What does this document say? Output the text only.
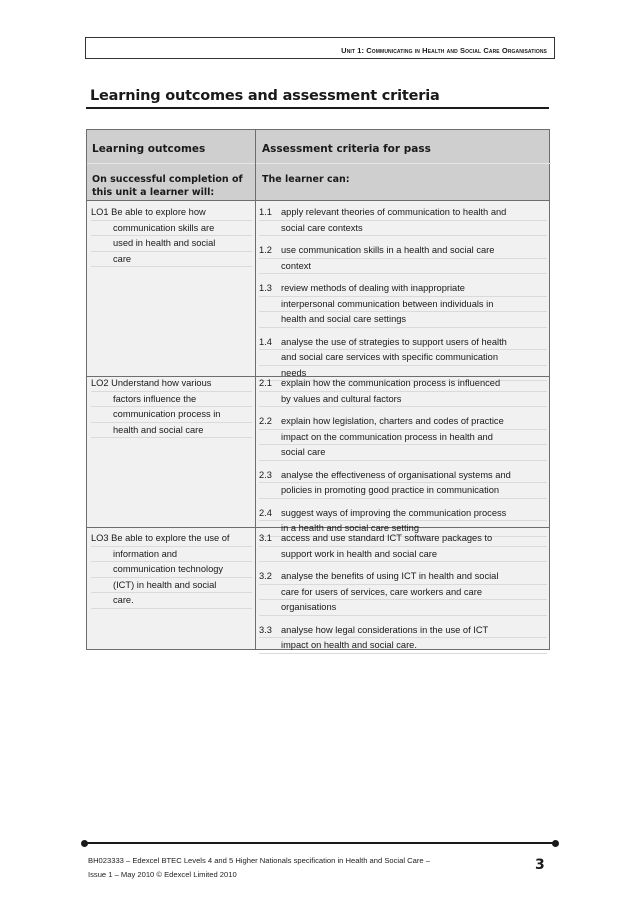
Unit 1: Communicating in Health and Social Care Organisations
Learning outcomes and assessment criteria
Learning outcomes
On successful completion of
this unit a learner will:
Assessment criteria for pass
The learner can:
LO1 Be able to explore how
communication skills are
used in health and social
care
1.1 apply relevant theories of communication to health and
social care contexts
1.2 use communication skills in a health and social care
context
1.3 review methods of dealing with inappropriate
interpersonal communication between individuals in
health and social care settings
1.4 analyse the use of strategies to support users of health
and social care services with specific communication
needs
LO2 Understand how various
factors influence the
communication process in
health and social care
2.1 explain how the communication process is influenced
by values and cultural factors
2.2 explain how legislation, charters and codes of practice
impact on the communication process in health and
social care
2.3 analyse the effectiveness of organisational systems and
policies in promoting good practice in communication
2.4 suggest ways of improving the communication process
in a health and social care setting
LO3 Be able to explore the use of
information and
communication technology
(ICT) in health and social
care.
3.1 access and use standard ICT software packages to
support work in health and social care
3.2 analyse the benefits of using ICT in health and social
care for users of services, care workers and care
organisations
3.3 analyse how legal considerations in the use of ICT
impact on health and social care.
BH023333 – Edexcel BTEC Levels 4 and 5 Higher Nationals specification in Health and Social Care –
Issue 1 – May 2010 © Edexcel Limited 2010
3
